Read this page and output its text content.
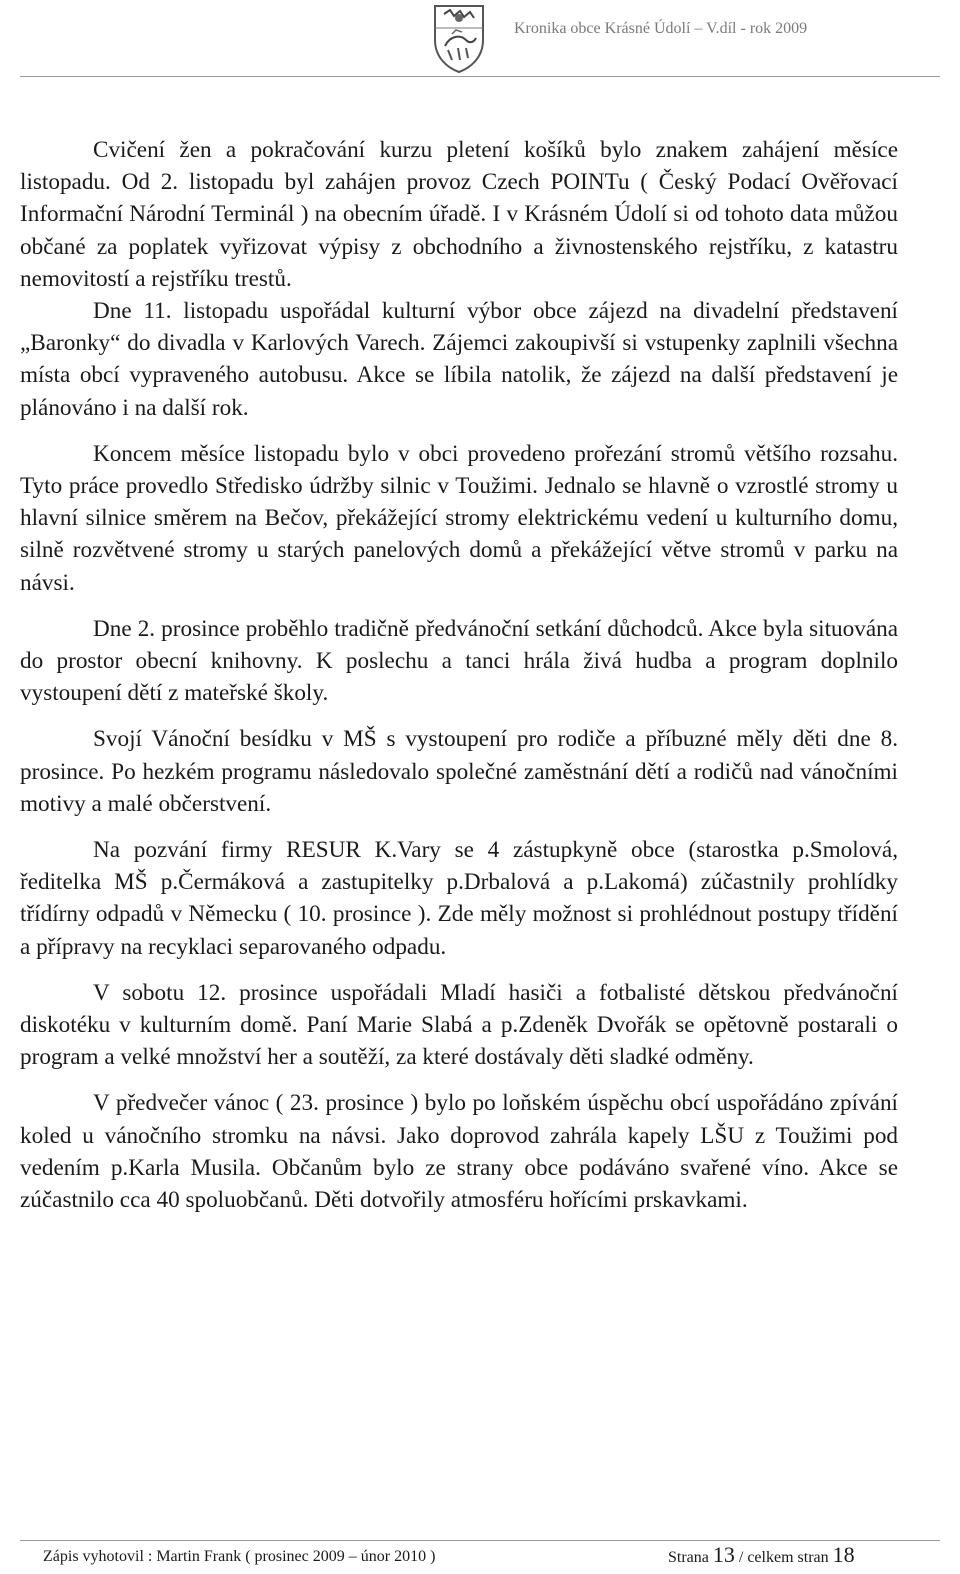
Kronika obce Krásné Údolí – V.díl - rok 2009

Cvičení žen a pokračování kurzu pletení košíků bylo znakem zahájení měsíce listopadu. Od 2. listopadu byl zahájen provoz Czech POINTu ( Český Podací Ověřovací Informační Národní Terminál ) na obecním úřadě. I v Krásném Údolí si od tohoto data můžou občané za poplatek vyřizovat výpisy z obchodního a živnostenského rejstříku, z katastru nemovitostí a rejstříku trestů.

Dne 11. listopadu uspořádal kulturní výbor obce zájezd na divadelní představení „Baronky“ do divadla v Karlových Varech. Zájemci zakoupivší si vstupenky zaplnili všechna místa obcí vypraveného autobusu. Akce se líbila natolik, že zájezd na další představení je plánováno i na další rok.

Koncem měsíce listopadu bylo v obci provedeno prořezání stromů většího rozsahu. Tyto práce provedlo Středisko údržby silnic v Toužimi. Jednalo se hlavně o vzrostlé stromy u hlavní silnice směrem na Bečov, překážející stromy elektrickému vedení u kulturního domu, silně rozvětvené stromy u starých panelových domů a překážející větve stromů v parku na návsi.

Dne 2. prosince proběhlo tradičně předvánoční setkání důchodců. Akce byla situována do prostor obecní knihovny. K poslechu a tanci hrála živá hudba a program doplnilo vystoupení dětí z mateřské školy.

Svojí Vánoční besídku v MŠ s vystoupení pro rodiče a příbuzné měly děti dne 8. prosince. Po hezkém programu následovalo společné zaměstnání dětí a rodičů nad vánočními motivy a malé občerstvení.

Na pozvání firmy RESUR K.Vary se 4 zástupkyně obce (starostka p.Smolová, ředitelka MŠ p.Čermáková a zastupitelky p.Drbalová a p.Lakomá) zúčastnily prohlídky třídírny odpadů v Německu ( 10. prosince ). Zde měly možnost si prohlédnout postupy třídění a přípravy na recyklaci separovaného odpadu.

V sobotu 12. prosince uspořádali Mladí hasiči a fotbalisté dětskou předvánoční diskotéku v kulturním domě. Paní Marie Slabá a p.Zdeněk Dvořák se opětovně postarali o program a velké množství her a soutěží, za které dostávaly děti sladké odměny.

V předvečer vánoc ( 23. prosince ) bylo po loňském úspěchu obcí uspořádáno zpívání koled u vánočního stromku na návsi. Jako doprovod zahrála kapely LŠU z Toužimi pod vedením p.Karla Musila. Občanům bylo ze strany obce podáváno svařené víno. Akce se zúčastnilo cca 40 spoluobčanů. Děti dotvořily atmosféru hořícími prskavkami.

Zápis vyhotovil : Martin Frank ( prosinec 2009 – únor 2010 )	Strana 13 / celkem stran 18
